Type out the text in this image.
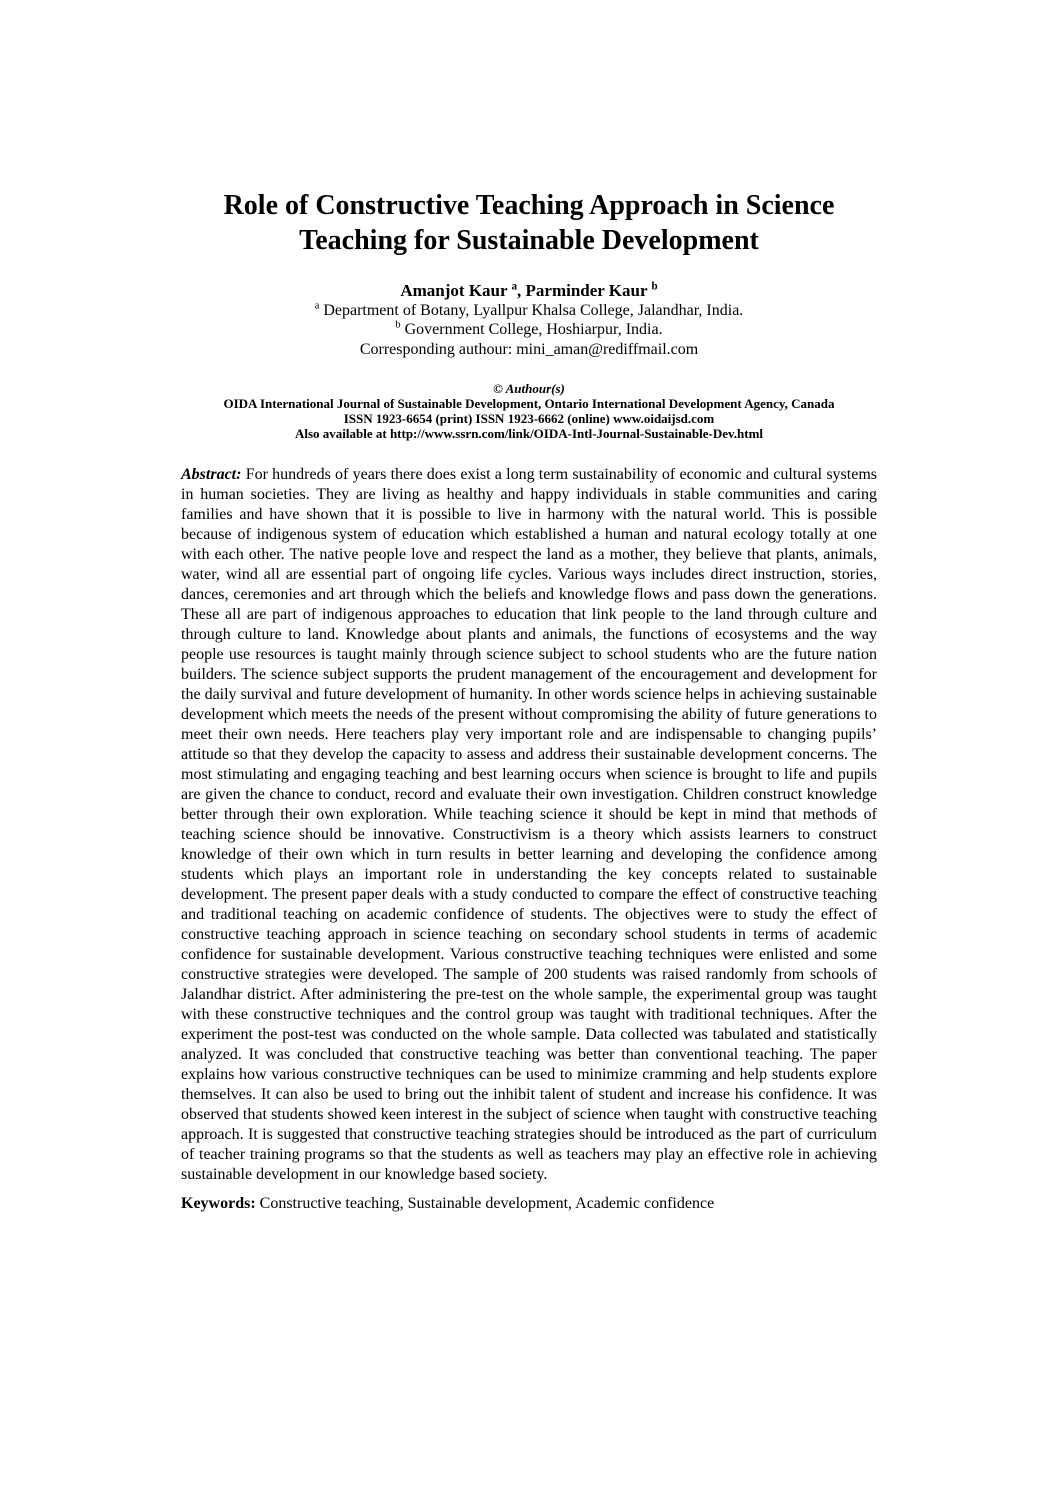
Role of Constructive Teaching Approach in Science
Teaching for Sustainable Development
Amanjot Kaur $^a$, Parminder Kaur $^b$
$^a$ Department of Botany, Lyallpur Khalsa College, Jalandhar, India.
$^b$ Government College, Hoshiarpur, India.
Corresponding authour: mini_aman@rediffmail.com
© Authour(s)
OIDA International Journal of Sustainable Development, Ontario International Development Agency, Canada
ISSN 1923-6654 (print) ISSN 1923-6662 (online) www.oidaijsd.com
Also available at http://www.ssrn.com/link/OIDA-Intl-Journal-Sustainable-Dev.html

Abstract: For hundreds of years there does exist a long term sustainability of economic and cultural systems in human societies. They are living as healthy and happy individuals in stable communities and caring families and have shown that it is possible to live in harmony with the natural world. This is possible because of indigenous system of education which established a human and natural ecology totally at one with each other. The native people love and respect the land as a mother, they believe that plants, animals, water, wind all are essential part of ongoing life cycles. Various ways includes direct instruction, stories, dances, ceremonies and art through which the beliefs and knowledge flows and pass down the generations. These all are part of indigenous approaches to education that link people to the land through culture and through culture to land. Knowledge about plants and animals, the functions of ecosystems and the way people use resources is taught mainly through science subject to school students who are the future nation builders. The science subject supports the prudent management of the encouragement and development for the daily survival and future development of humanity. In other words science helps in achieving sustainable development which meets the needs of the present without compromising the ability of future generations to meet their own needs. Here teachers play very important role and are indispensable to changing pupils’ attitude so that they develop the capacity to assess and address their sustainable development concerns. The most stimulating and engaging teaching and best learning occurs when science is brought to life and pupils are given the chance to conduct, record and evaluate their own investigation. Children construct knowledge better through their own exploration. While teaching science it should be kept in mind that methods of teaching science should be innovative. Constructivism is a theory which assists learners to construct knowledge of their own which in turn results in better learning and developing the confidence among students which plays an important role in understanding the key concepts related to sustainable development. The present paper deals with a study conducted to compare the effect of constructive teaching and traditional teaching on academic confidence of students. The objectives were to study the effect of constructive teaching approach in science teaching on secondary school students in terms of academic confidence for sustainable development. Various constructive teaching techniques were enlisted and some constructive strategies were developed. The sample of 200 students was raised randomly from schools of Jalandhar district. After administering the pre-test on the whole sample, the experimental group was taught with these constructive techniques and the control group was taught with traditional techniques. After the experiment the post-test was conducted on the whole sample. Data collected was tabulated and statistically analyzed. It was concluded that constructive teaching was better than conventional teaching. The paper explains how various constructive techniques can be used to minimize cramming and help students explore themselves. It can also be used to bring out the inhibit talent of student and increase his confidence. It was observed that students showed keen interest in the subject of science when taught with constructive teaching approach. It is suggested that constructive teaching strategies should be introduced as the part of curriculum of teacher training programs so that the students as well as teachers may play an effective role in achieving sustainable development in our knowledge based society.

Keywords: Constructive teaching, Sustainable development, Academic confidence
